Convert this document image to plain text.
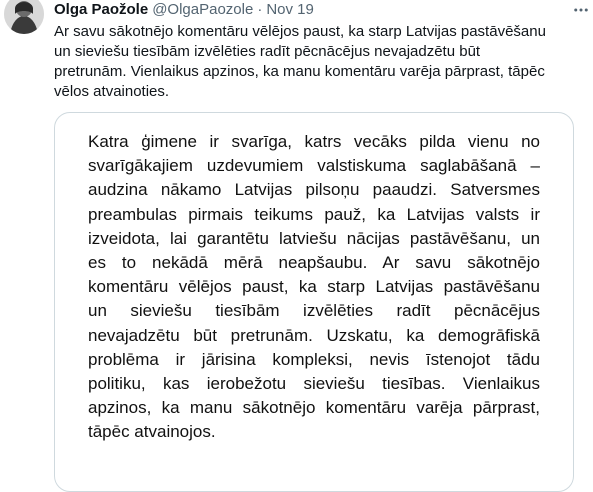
Olga Paožole @OlgaPaozole · Nov 19
Ar savu sākotnējo komentāru vēlējos paust, ka starp Latvijas pastāvēšanu
un sieviešu tiesībām izvēlēties radīt pēcnācējus nevajadzētu būt
pretrunām. Vienlaikus apzinos, ka manu komentāru varēja pārprast, tāpēc
vēlos atvainoties.
Katra ģimene ir svarīga, katrs vecāks pilda vienu no
svarīgākajiem uzdevumiem valstiskuma saglabāšanā –
audzina nākamo Latvijas pilsoņu paaudzi. Satversmes
preambulas pirmais teikums pauž, ka Latvijas valsts ir
izveidota, lai garantētu latviešu nācijas pastāvēšanu, un
es to nekādā mērā neapšaubu. Ar savu sākotnējo
komentāru vēlējos paust, ka starp Latvijas pastāvēšanu
un sieviešu tiesībām izvēlēties radīt pēcnācējus
nevajadzētu būt pretrunām. Uzskatu, ka demogrāfiskā
problēma ir jārisina kompleksi, nevis īstenojot tādu
politiku, kas ierobežotu sieviešu tiesības. Vienlaikus
apzinos, ka manu sākotnējo komentāru varēja pārprast,
tāpēc atvainojos.
